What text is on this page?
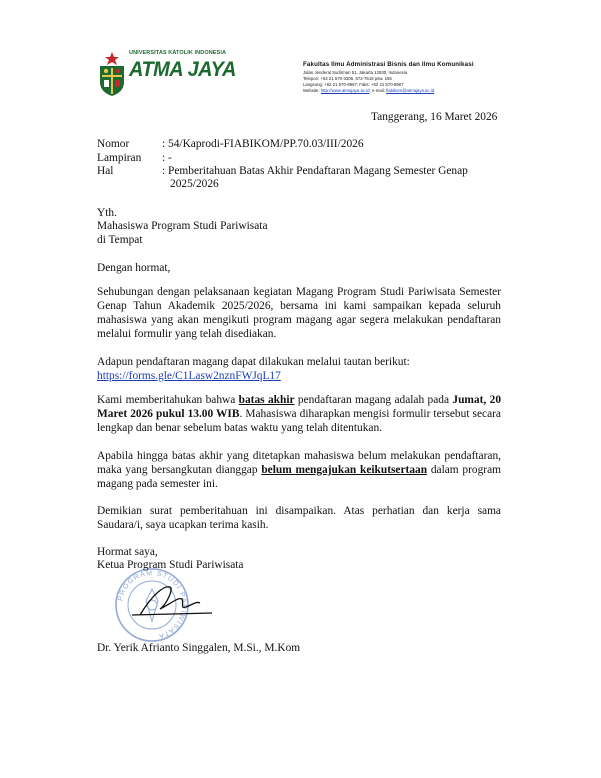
UNIVERSITAS KATOLIK INDONESIA
ATMA JAYA	Fakultas Ilmu Administrasi Bisnis dan Ilmu Komunikasi
Jalan Jenderal Sudirman 51, Jakarta 12930, Indonesia
Telepon: +62 21 570-3306, 572-7615 psw. 155
Langsung: +62 21 570-8967; Faks: +62 21 570-8967
Website: http://www.atmajaya.ac.id; e-mail: fiabikom@atmajaya.ac.id
Tanggerang, 16 Maret 2026
Nomor	: 54/Kaprodi-FIABIKOM/PP.70.03/III/2026
Lampiran : -
Hal	: Pemberitahuan Batas Akhir Pendaftaran Magang Semester Genap
2025/2026
Yth.
Mahasiswa Program Studi Pariwisata
di Tempat
Dengan hormat,
Sehubungan dengan pelaksanaan kegiatan Magang Program Studi Pariwisata Semester Genap Tahun Akademik 2025/2026, bersama ini kami sampaikan kepada seluruh mahasiswa yang akan mengikuti program magang agar segera melakukan pendaftaran melalui formulir yang telah disediakan.
Adapun pendaftaran magang dapat dilakukan melalui tautan berikut:
https://forms.gle/C1Lasw2nznFWJqL17
Kami memberitahukan bahwa batas akhir pendaftaran magang adalah pada Jumat, 20 Maret 2026 pukul 13.00 WIB. Mahasiswa diharapkan mengisi formulir tersebut secara lengkap dan benar sebelum batas waktu yang telah ditentukan.
Apabila hingga batas akhir yang ditetapkan mahasiswa belum melakukan pendaftaran, maka yang bersangkutan dianggap belum mengajukan keikutsertaan dalam program magang pada semester ini.
Demikian surat pemberitahuan ini disampaikan. Atas perhatian dan kerja sama Saudara/i, saya ucapkan terima kasih.
PROGRAM STUDI PARIWISATA
Hormat saya,
Ketua Program Studi Pariwisata
Dr. Yerik Afrianto Singgalen, M.Si., M.Kom
